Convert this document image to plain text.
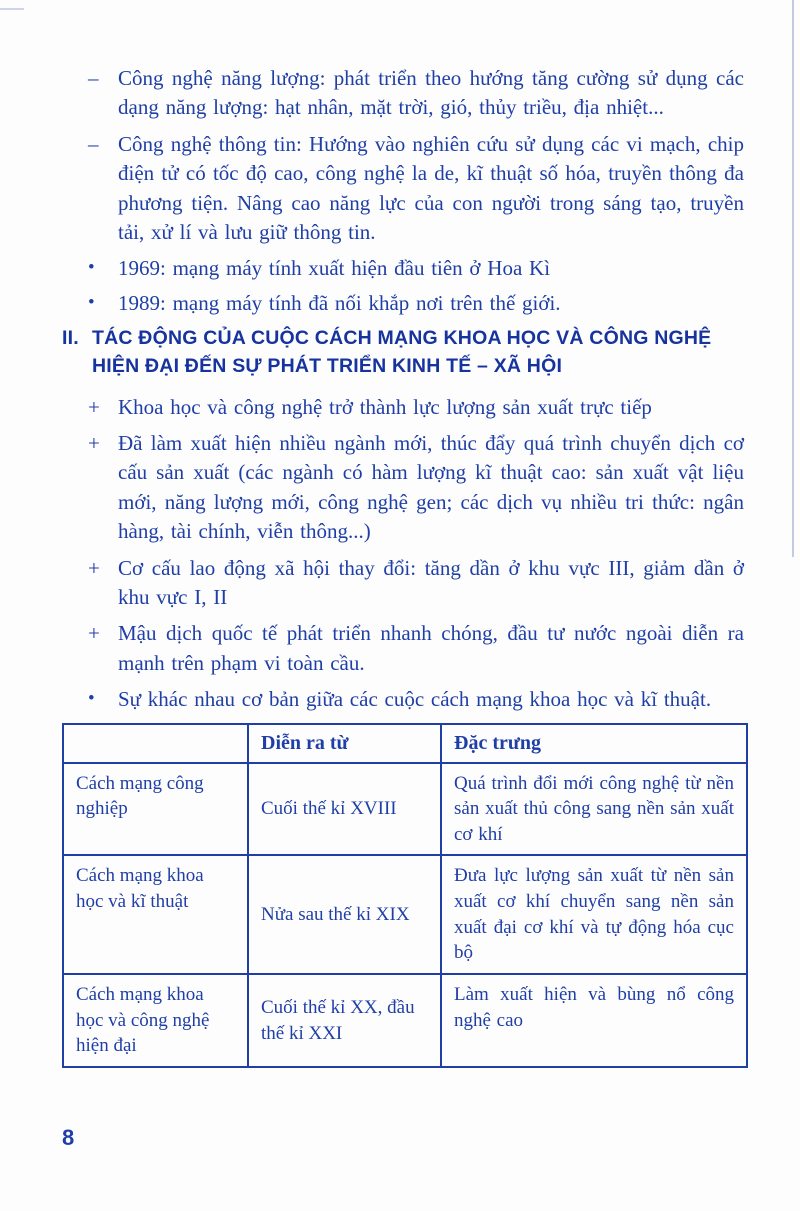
– Công nghệ năng lượng: phát triển theo hướng tăng cường sử dụng các dạng năng lượng: hạt nhân, mặt trời, gió, thủy triều, địa nhiệt...
– Công nghệ thông tin: Hướng vào nghiên cứu sử dụng các vi mạch, chip điện tử có tốc độ cao, công nghệ la de, kĩ thuật số hóa, truyền thông đa phương tiện. Nâng cao năng lực của con người trong sáng tạo, truyền tải, xử lí và lưu giữ thông tin.
•	1969: mạng máy tính xuất hiện đầu tiên ở Hoa Kì
•	1989: mạng máy tính đã nối khắp nơi trên thế giới.
II. TÁC ĐỘNG CỦA CUỘC CÁCH MẠNG KHOA HỌC VÀ CÔNG NGHỆ HIỆN ĐẠI ĐẾN SỰ PHÁT TRIỂN KINH TẾ – XÃ HỘI
+ Khoa học và công nghệ trở thành lực lượng sản xuất trực tiếp
+ Đã làm xuất hiện nhiều ngành mới, thúc đẩy quá trình chuyển dịch cơ cấu sản xuất (các ngành có hàm lượng kĩ thuật cao: sản xuất vật liệu mới, năng lượng mới, công nghệ gen; các dịch vụ nhiều tri thức: ngân hàng, tài chính, viễn thông...)
+ Cơ cấu lao động xã hội thay đổi: tăng dần ở khu vực III, giảm dần ở khu vực I, II
+ Mậu dịch quốc tế phát triển nhanh chóng, đầu tư nước ngoài diễn ra mạnh trên phạm vi toàn cầu.
•	Sự khác nhau cơ bản giữa các cuộc cách mạng khoa học và kĩ thuật.
	Diễn ra từ	Đặc trưng
Cách mạng công nghiệp	Cuối thế kỉ XVIII	Quá trình đổi mới công nghệ từ nền sản xuất thủ công sang nền sản xuất cơ khí
Cách mạng khoa học và kĩ thuật	Nửa sau thế kỉ XIX	Đưa lực lượng sản xuất từ nền sản xuất cơ khí chuyển sang nền sản xuất đại cơ khí và tự động hóa cục bộ
Cách mạng khoa học và công nghệ hiện đại	Cuối thế kỉ XX, đầu thế kỉ XXI	Làm xuất hiện và bùng nổ công nghệ cao
8
